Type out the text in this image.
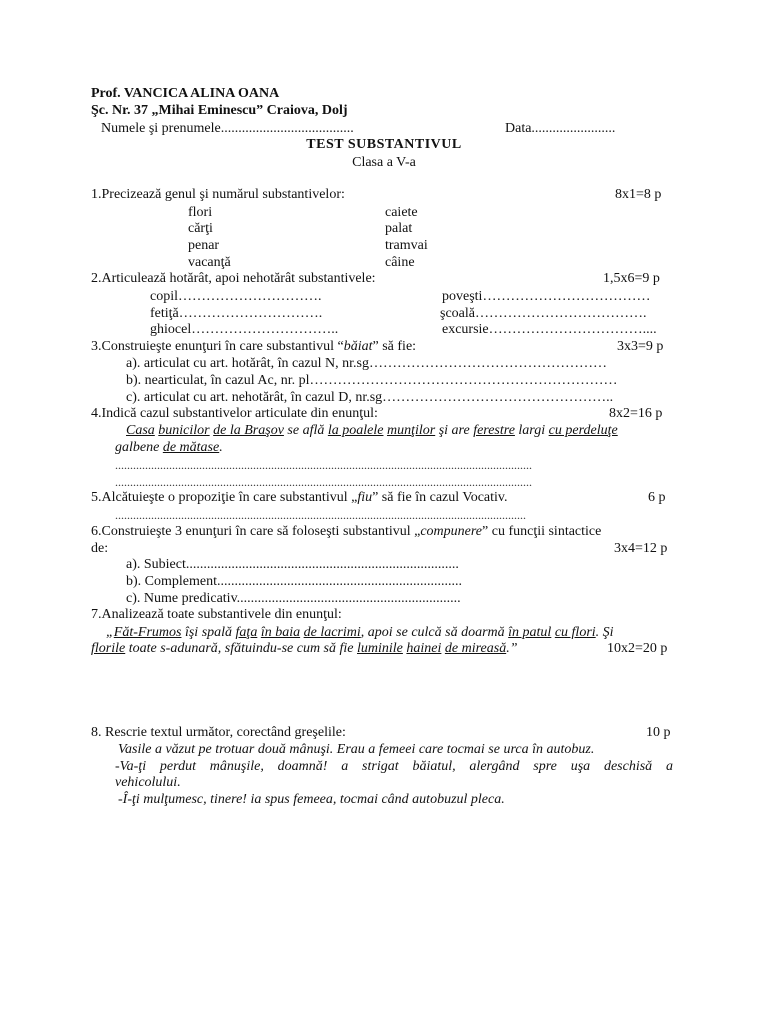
Prof. VANCICA ALINA OANA
Şc. Nr. 37 „Mihai Eminescu” Craiova, Dolj
Numele şi prenumele......................................	Data........................
TEST SUBSTANTIVUL
Clasa a V-a
1.Precizează genul şi numărul substantivelor:	8x1=8 p
flori	caiete
cărţi	palat
penar	tramvai
vacanţă	câine
2.Articulează hotărât, apoi nehotărât substantivele:	1,5x6=9 p
copil………………………….	poveşti………………………………
fetiţă………………………….	şcoală……………………………….
ghiocel…………………………..	excursie……………………………....
3.Construieşte enunţuri în care substantivul “băiat” să fie:	3x3=9 p
a). articulat cu art. hotărât, în cazul N, nr.sg……………………………………………
b). nearticulat, în cazul Ac, nr. pl…………………………………………………………
c). articulat cu art. nehotărât, în cazul D, nr.sg…………………………………………..
4.Indică cazul substantivelor articulate din enunţul:	8x2=16 p
Casa bunicilor de la Braşov se află la poalele munţilor şi are ferestre largi cu perdeluţe
galbene de mătase.
...........................................................................................................................................
...........................................................................................................................................
5.Alcătuieşte o propoziţie în care substantivul „fiu” să fie în cazul Vocativ.	6 p
.........................................................................................................................................
6.Construieşte 3 enunţuri în care să foloseşti substantivul „compunere” cu funcţii sintactice
de:	3x4=12 p
a). Subiect..............................................................................
b). Complement......................................................................
c). Nume predicativ................................................................
7.Analizează toate substantivele din enunţul:
„Făt-Frumos îşi spală faţa în baia de lacrimi, apoi se culcă să doarmă în patul cu flori. Şi
florile toate s-adunară, sfătuindu-se cum să fie luminile hainei de mireasă.”	10x2=20 p
8. Rescrie textul următor, corectând greşelile:	10 p
Vasile a văzut pe trotuar două mânuşi. Erau a femeei care tocmai se urca în autobuz.
-Va-ţi perdut mânuşile, doamnă! a strigat băiatul, alergând spre uşa deschisă a
vehicolului.
-Î-ţi mulţumesc, tinere! ia spus femeea, tocmai când autobuzul pleca.
